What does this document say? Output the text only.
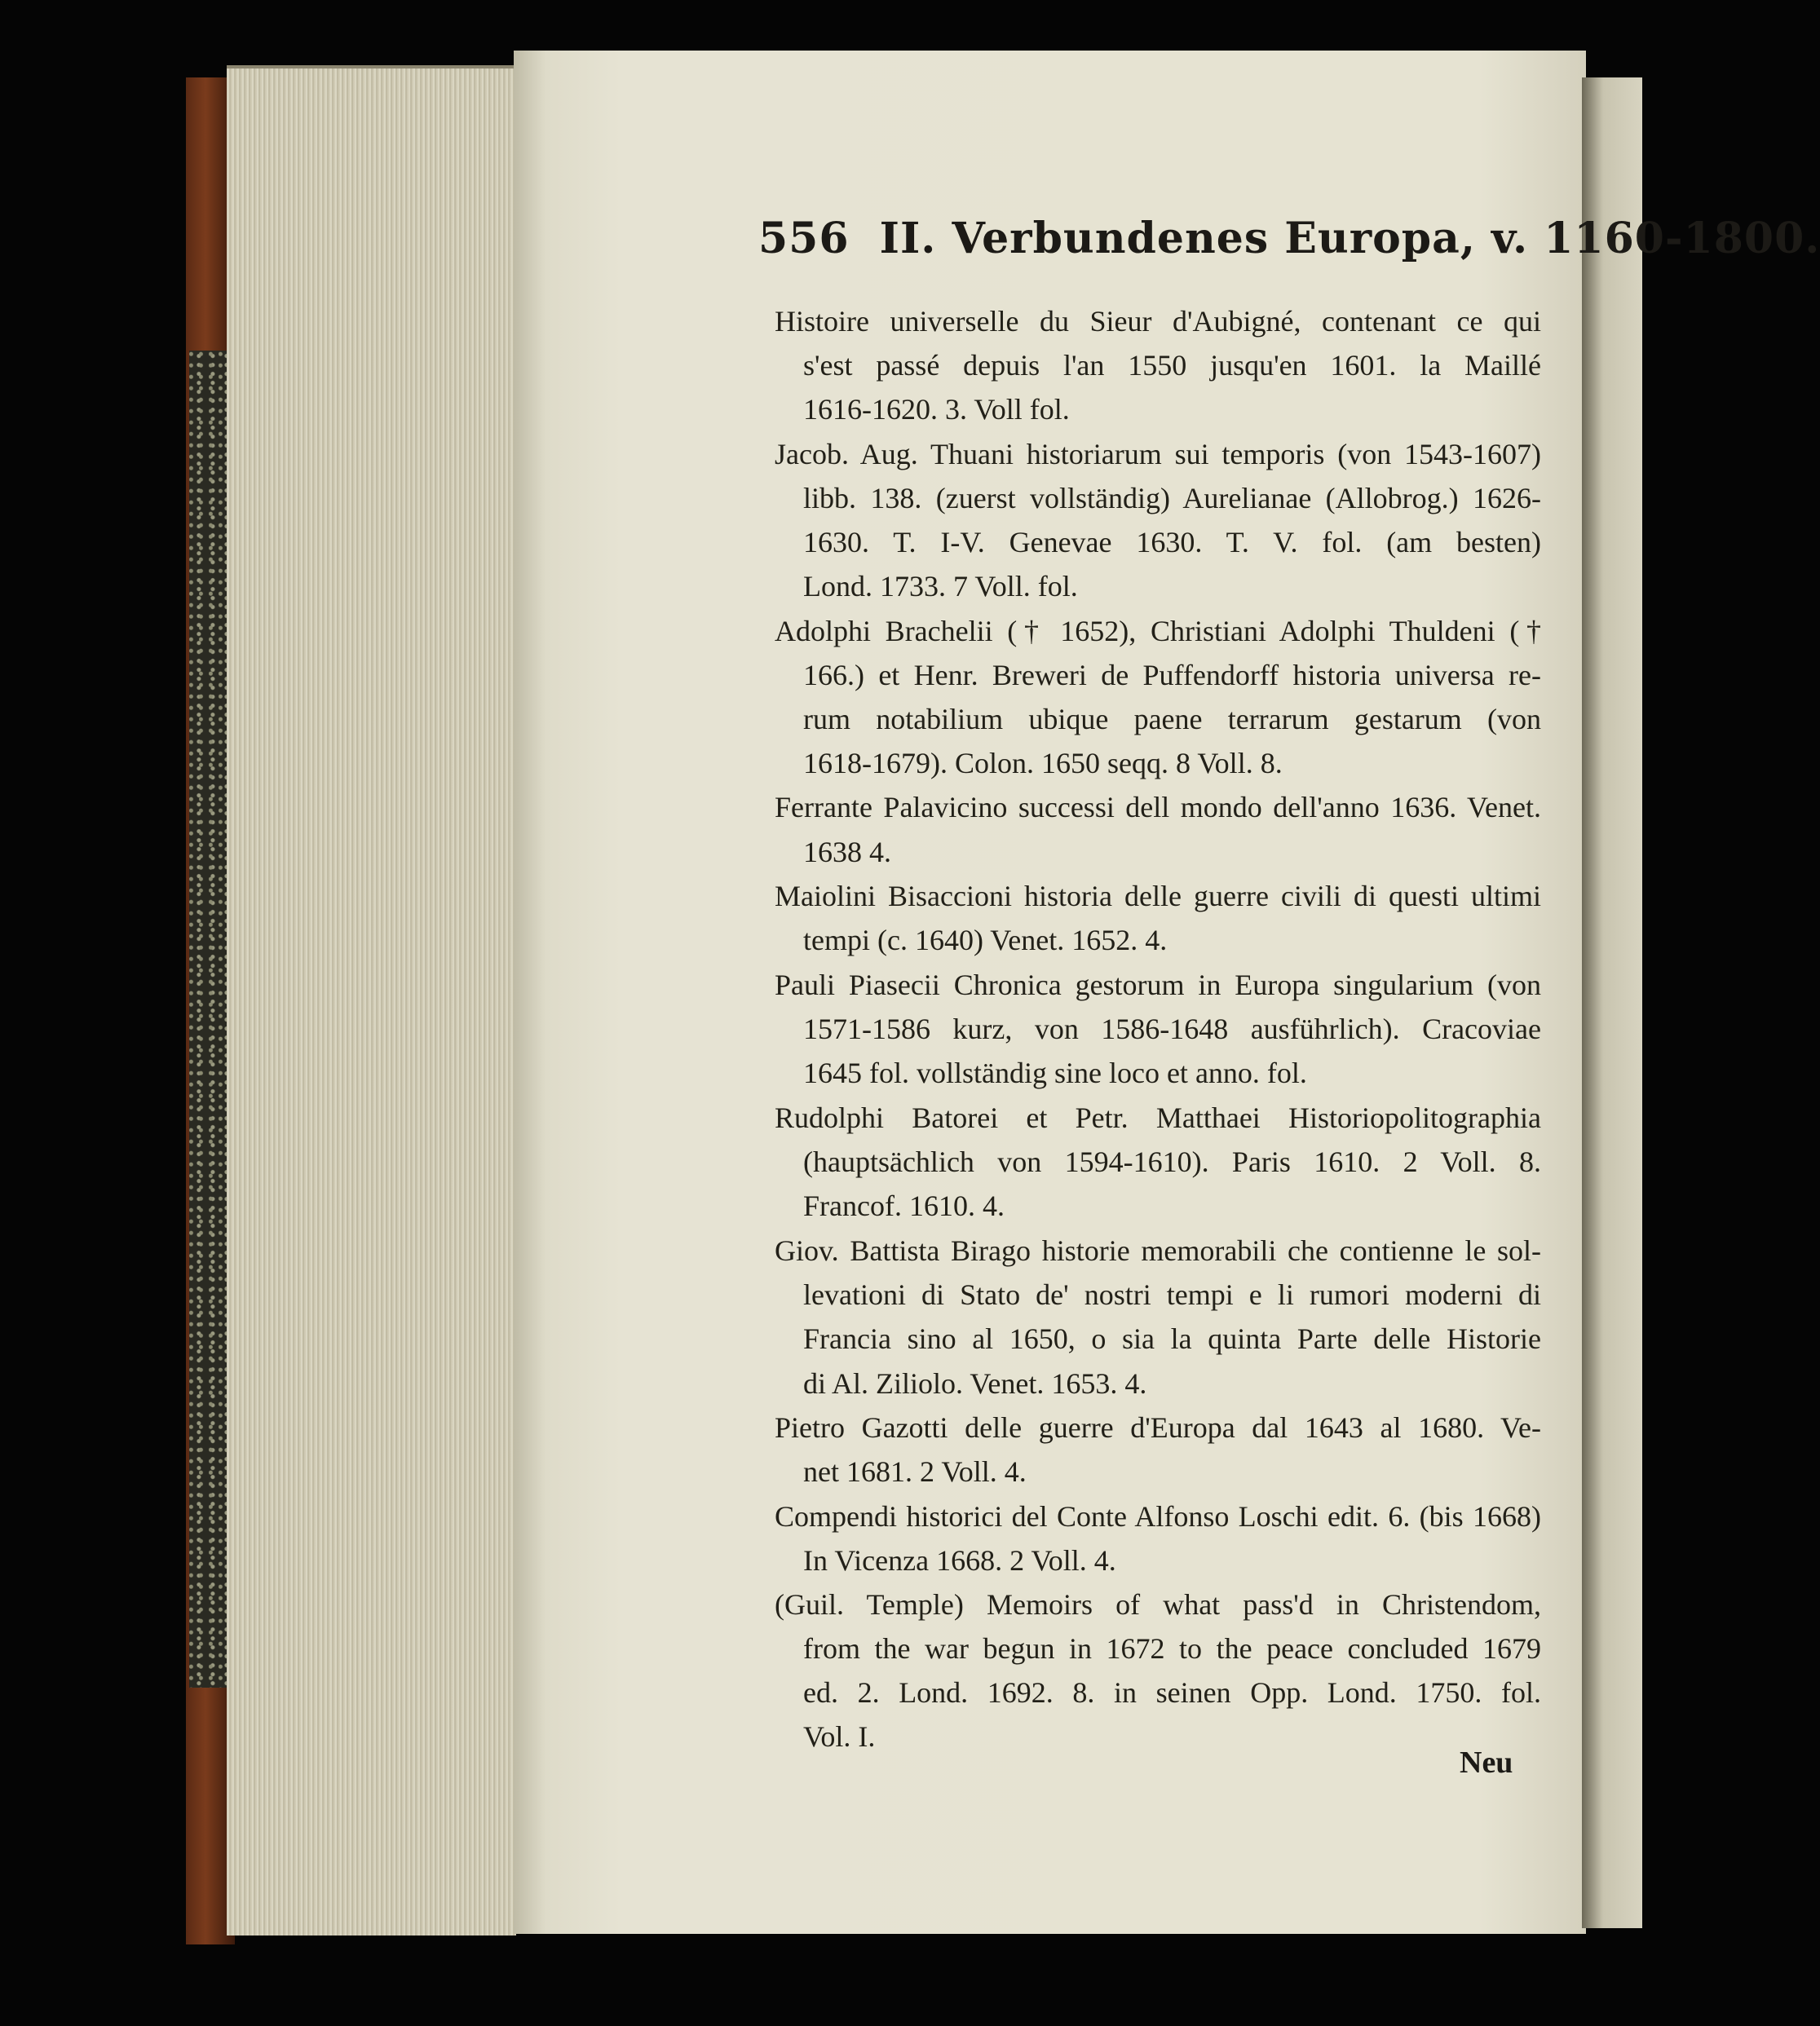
556 II. Verbundenes Europa, v. 1160-1800.
Histoire universelle du Sieur d'Aubigné, contenant ce qui
s'est passé depuis l'an 1550 jusqu'en 1601. la Maillé
1616-1620. 3. Voll fol.
Jacob. Aug. Thuani historiarum sui temporis (von 1543-1607)
libb. 138. (zuerst vollständig) Aurelianae (Allobrog.) 1626-
1630. T. I-V. Genevae 1630. T. V. fol. (am besten)
Lond. 1733. 7 Voll. fol.
Adolphi Brachelii († 1652), Christiani Adolphi Thuldeni (†
166.) et Henr. Breweri de Puffendorff historia universa re-
rum notabilium ubique paene terrarum gestarum (von
1618-1679). Colon. 1650 seqq. 8 Voll. 8.
Ferrante Palavicino successi dell mondo dell'anno 1636. Venet.
1638 4.
Maiolini Bisaccioni historia delle guerre civili di questi ultimi
tempi (c. 1640) Venet. 1652. 4.
Pauli Piasecii Chronica gestorum in Europa singularium (von
1571-1586 kurz, von 1586-1648 ausführlich). Cracoviae
1645 fol. vollständig sine loco et anno. fol.
Rudolphi Batorei et Petr. Matthaei Historiopolitographia
(hauptsächlich von 1594-1610). Paris 1610. 2 Voll. 8.
Francof. 1610. 4.
Giov. Battista Birago historie memorabili che contienne le sol-
levationi di Stato de' nostri tempi e li rumori moderni di
Francia sino al 1650, o sia la quinta Parte delle Historie
di Al. Ziliolo. Venet. 1653. 4.
Pietro Gazotti delle guerre d'Europa dal 1643 al 1680. Ve-
net 1681. 2 Voll. 4.
Compendi historici del Conte Alfonso Loschi edit. 6. (bis 1668)
In Vicenza 1668. 2 Voll. 4.
(Guil. Temple) Memoirs of what pass'd in Christendom,
from the war begun in 1672 to the peace concluded 1679
ed. 2. Lond. 1692. 8. in seinen Opp. Lond. 1750. fol.
Vol. I.
Neu
